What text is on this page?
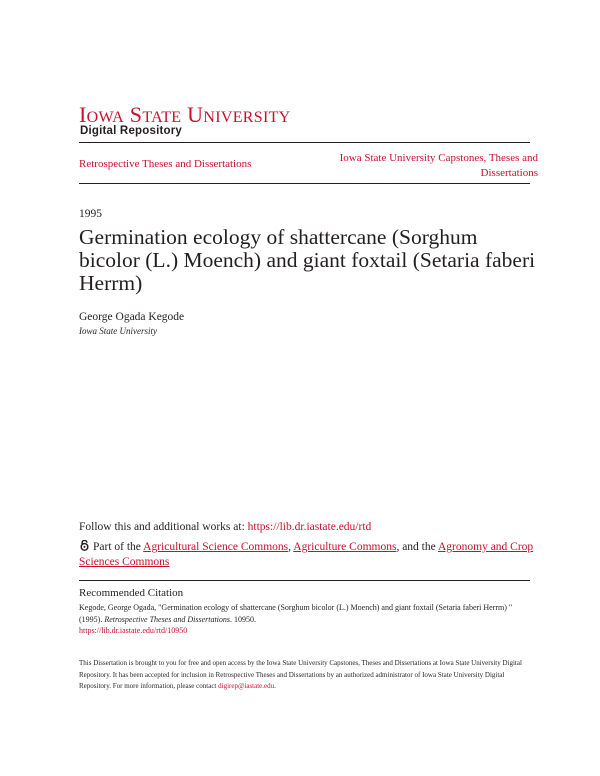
IOWA STATE UNIVERSITY
Digital Repository
Retrospective Theses and Dissertations	Iowa State University Capstones, Theses and Dissertations
1995
Germination ecology of shattercane (Sorghum bicolor (L.) Moench) and giant foxtail (Setaria faberi Herrm)
George Ogada Kegode
Iowa State University
Follow this and additional works at: https://lib.dr.iastate.edu/rtd
Part of the Agricultural Science Commons, Agriculture Commons, and the Agronomy and Crop Sciences Commons
Recommended Citation
Kegode, George Ogada, "Germination ecology of shattercane (Sorghum bicolor (L.) Moench) and giant foxtail (Setaria faberi Herrm) " (1995). Retrospective Theses and Dissertations. 10950.
https://lib.dr.iastate.edu/rtd/10950
This Dissertation is brought to you for free and open access by the Iowa State University Capstones, Theses and Dissertations at Iowa State University Digital Repository. It has been accepted for inclusion in Retrospective Theses and Dissertations by an authorized administrator of Iowa State University Digital Repository. For more information, please contact digirep@iastate.edu.
